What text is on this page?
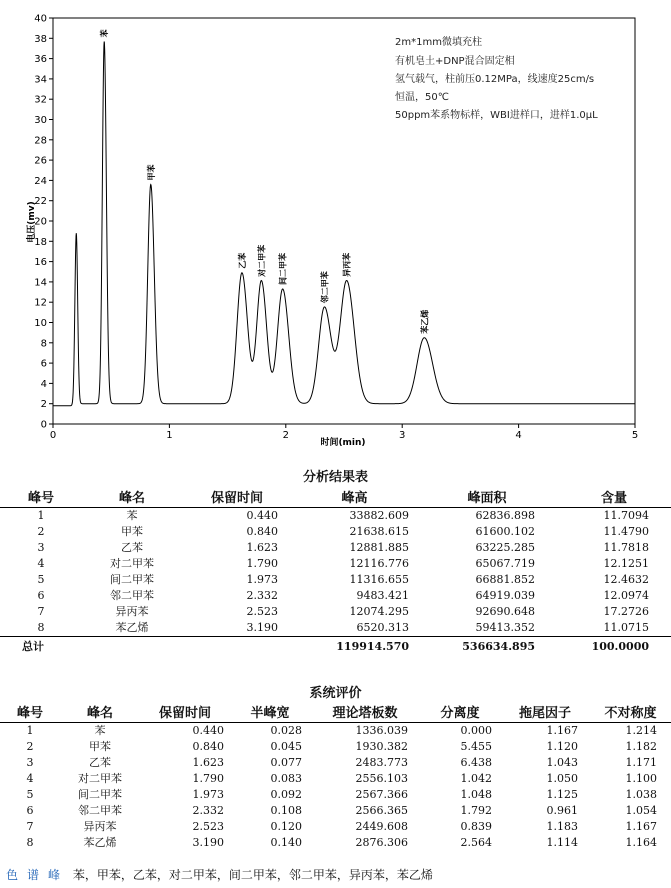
0
2
4
6
8
10
12
14
16
18
20
22
24
26
28
30
32
34
36
38
40
0	1	2	3	4	5
苯
甲苯
乙苯 对二甲苯 间二甲苯
邻二甲苯
异丙苯
苯乙烯
电压(mv)
时间(min)
2m*1mm微填充柱
有机皂土+DNP混合固定相
氢气载气，柱前压0.12MPa，线速度25cm/s
恒温，50℃
50ppm苯系物标样，WBI进样口，进样1.0μL
分析结果表
峰号	峰名	保留时间	峰高	峰面积	含量
1	苯	0.440	33882.609	62836.898	11.7094
2	甲苯	0.840	21638.615	61600.102	11.4790
3	乙苯	1.623	12881.885	63225.285	11.7818
4	对二甲苯	1.790	12116.776	65067.719	12.1251
5	间二甲苯	1.973	11316.655	66881.852	12.4632
6	邻二甲苯	2.332	9483.421	64919.039	12.0974
7	异丙苯	2.523	12074.295	92690.648	17.2726
8	苯乙烯	3.190	6520.313	59413.352	11.0715
总计			119914.570	536634.895	100.0000
系统评价
峰号	峰名	保留时间	半峰宽	理论塔板数	分离度	拖尾因子	不对称度
1	苯	0.440	0.028	1336.039	0.000	1.167	1.214
2	甲苯	0.840	0.045	1930.382	5.455	1.120	1.182
3	乙苯	1.623	0.077	2483.773	6.438	1.043	1.171
4	对二甲苯	1.790	0.083	2556.103	1.042	1.050	1.100
5	间二甲苯	1.973	0.092	2567.366	1.048	1.125	1.038
6	邻二甲苯	2.332	0.108	2566.365	1.792	0.961	1.054
7	异丙苯	2.523	0.120	2449.608	0.839	1.183	1.167
8	苯乙烯	3.190	0.140	2876.306	2.564	1.114	1.164
色谱峰 苯，甲苯，乙苯，对二甲苯，间二甲苯，邻二甲苯，异丙苯，苯乙烯
